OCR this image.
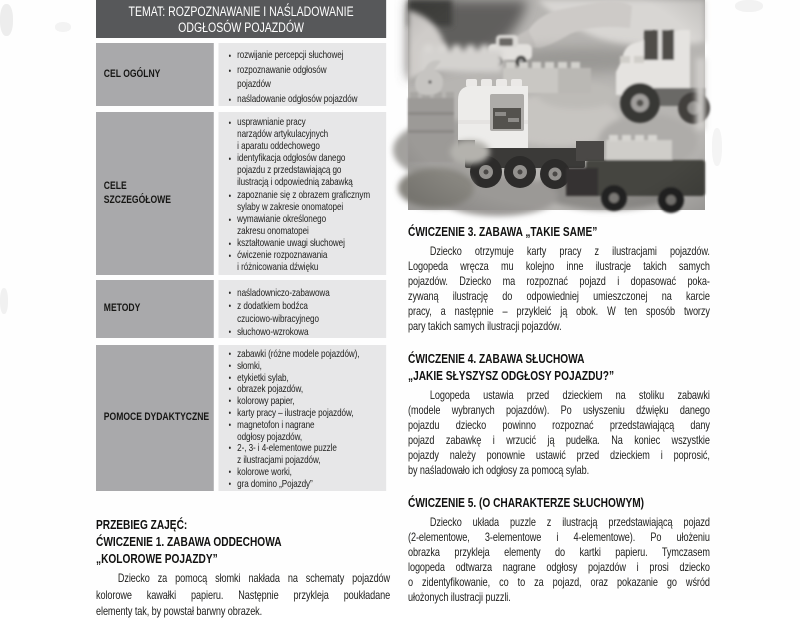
TEMAT: ROZPOZNAWANIE I NAŚLADOWANIE
ODGŁOSÓW POJAZDÓW
CEL OGÓLNY
• rozwijanie percepcji słuchowej
• rozpoznawanie odgłosów
pojazdów
• naśladowanie odgłosów pojazdów
CELE
SZCZEGÓŁOWE
• usprawnianie pracy
narządów artykulacyjnych
i aparatu oddechowego
• identyfikacja odgłosów danego
pojazdu z przedstawiającą go
ilustracją i odpowiednią zabawką
• zapoznanie się z obrazem graficznym
sylaby w zakresie onomatopei
• wymawianie określonego
zakresu onomatopei
• kształtowanie uwagi słuchowej
• ćwiczenie rozpoznawania
i różnicowania dźwięku
METODY
• naśladowniczo-zabawowa
• z dodatkiem bodźca
czuciowo-wibracyjnego
• słuchowo-wzrokowa
POMOCE DYDAKTYCZNE
• zabawki (różne modele pojazdów),
• słomki,
• etykietki sylab,
• obrazek pojazdów,
• kolorowy papier,
• karty pracy – ilustracje pojazdów,
• magnetofon i nagrane
odgłosy pojazdów,
• 2-, 3- i 4-elementowe puzzle
z ilustracjami pojazdów,
• kolorowe worki,
• gra domino „Pojazdy”
PRZEBIEG ZAJĘĆ:
ĆWICZENIE 1. ZABAWA ODDECHOWA
„KOLOROWE POJAZDY”
Dziecko za pomocą słomki nakłada na schematy pojazdów
kolorowe kawałki papieru. Następnie przykleja poukładane
elementy tak, by powstał barwny obrazek.
ĆWICZENIE 3. ZABAWA „TAKIE SAME”
Dziecko otrzymuje karty pracy z ilustracjami pojazdów.
Logopeda wręcza mu kolejno inne ilustracje takich samych
pojazdów. Dziecko ma rozpoznać pojazd i dopasować poka-
zywaną ilustrację do odpowiedniej umieszczonej na karcie
pracy, a następnie – przykleić ją obok. W ten sposób tworzy
pary takich samych ilustracji pojazdów.
ĆWICZENIE 4. ZABAWA SŁUCHOWA
„JAKIE SŁYSZYSZ ODGŁOSY POJAZDU?”
Logopeda ustawia przed dzieckiem na stoliku zabawki
(modele wybranych pojazdów). Po usłyszeniu dźwięku danego
pojazdu dziecko powinno rozpoznać przedstawiającą dany
pojazd zabawkę i wrzucić ją pudełka. Na koniec wszystkie
pojazdy należy ponownie ustawić przed dzieckiem i poprosić,
by naśladowało ich odgłosy za pomocą sylab.
ĆWICZENIE 5. (O CHARAKTERZE SŁUCHOWYM)
Dziecko układa puzzle z ilustracją przedstawiającą pojazd
(2-elementowe, 3-elementowe i 4-elementowe). Po ułożeniu
obrazka przykleja elementy do kartki papieru. Tymczasem
logopeda odtwarza nagrane odgłosy pojazdów i prosi dziecko
o zidentyfikowanie, co to za pojazd, oraz pokazanie go wśród
ułożonych ilustracji puzzli.
